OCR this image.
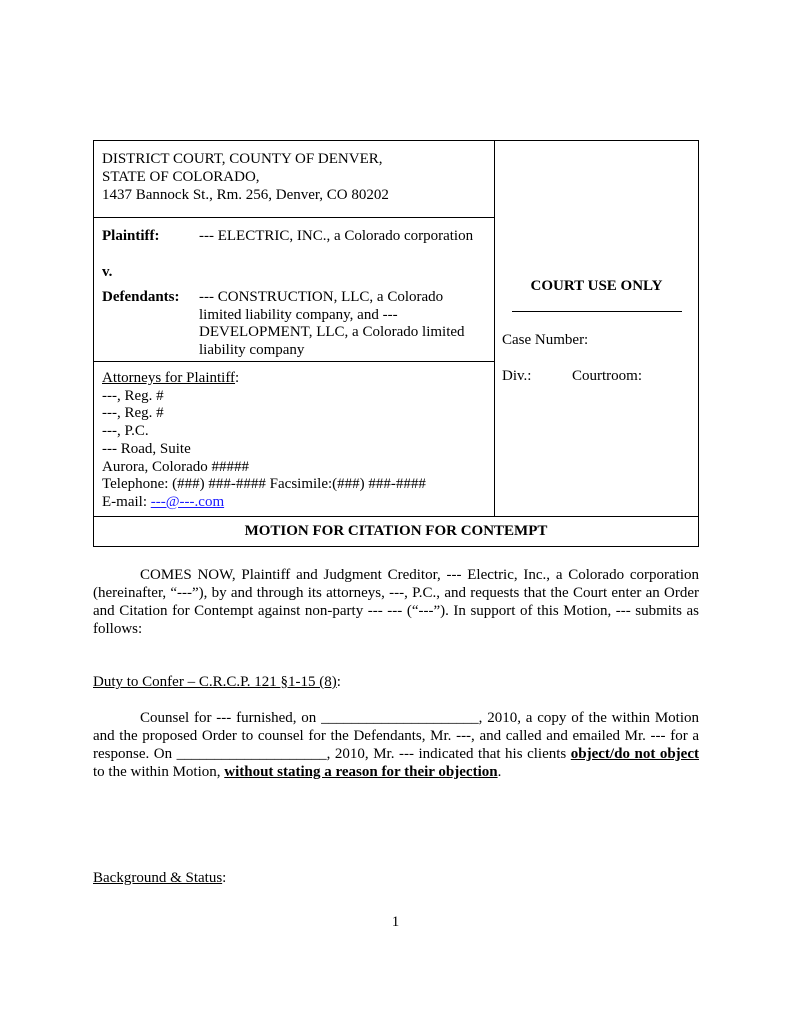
DISTRICT COURT, COUNTY OF DENVER,
STATE OF COLORADO,
1437 Bannock St., Rm. 256, Denver, CO 80202
Plaintiff:	--- ELECTRIC, INC., a Colorado corporation
v.
Defendants: --- CONSTRUCTION, LLC, a Colorado limited liability company, and --- DEVELOPMENT, LLC, a Colorado limited liability company
Attorneys for Plaintiff:
---, Reg. #
---, Reg. #
---, P.C.
--- Road, Suite
Aurora, Colorado #####
Telephone: (###) ###-#### Facsimile:(###) ###-####
E-mail: ---@---.com
COURT USE ONLY
Case Number:
Div.:	Courtroom:
MOTION FOR CITATION FOR CONTEMPT

COMES NOW, Plaintiff and Judgment Creditor, --- Electric, Inc., a Colorado corporation (hereinafter, “---”), by and through its attorneys, ---, P.C., and requests that the Court enter an Order and Citation for Contempt against non-party --- --- (“---”). In support of this Motion, --- submits as follows:

Duty to Confer – C.R.C.P. 121 §1-15 (8):

Counsel for --- furnished, on _____________________, 2010, a copy of the within Motion and the proposed Order to counsel for the Defendants, Mr. ---, and called and emailed Mr. --- for a response. On ____________________, 2010, Mr. --- indicated that his clients object/do not object to the within Motion, without stating a reason for their objection.

Background & Status:
1
